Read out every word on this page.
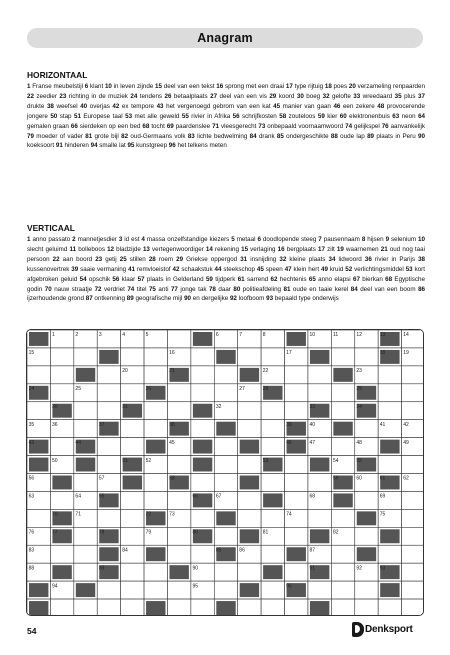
Anagram
HORIZONTAAL
1 Franse meubelstijl 6 klant 10 in leven zijnde 15 deel van een tekst 16 sprong met een draai 17 type rijtuig 18 poes 20 verzameling renpaarden 22 zeedier 23 richting in de muziek 24 tendens 26 betaalplaats 27 deel van een vis 29 koord 30 boeg 32 gelofte 33 wreedaard 35 plus 37 drukte 38 weefsel 40 overjas 42 ex tempore 43 het vergenoegd gebrom van een kat 45 manier van gaan 46 een zekere 48 provocerende jongere 50 stap 51 Europese taal 53 met alle geweld 55 rivier in Afrika 56 schrijfkosten 58 zouteloos 59 kier 60 elektronenbuis 63 neon 64 gemalen graan 66 sierdeken op een bed 68 tocht 69 paardenslee 71 vleesgerecht 73 onbepaald voornaamwoord 74 gelijkspel 76 aanvankelijk 79 moeder of vader 81 grote bijl 82 oud-Germaans volk 83 lichte bedwelming 84 drank 85 ondergeschikte 88 oude lap 89 plaats in Peru 90 koeksoort 91 hinderen 94 smalle lat 95 kunstgreep 96 het telkens meten
VERTICAAL
1 anno passato 2 mannetjesdier 3 id est 4 massa onzelfstandige kiezers 5 metaal 6 doodlopende steeg 7 pausennaam 8 hijsen 9 selenium 10 slecht geluimd 11 bolleboos 12 bladzijde 13 vertegenwoordiger 14 rekening 15 verlaging 16 bergplaats 17 zilt 19 waarnemen 21 oud nog taai persoon 22 aan boord 23 getij 25 stillen 28 roem 29 Griekse oppergod 31 insnijding 32 kleine plaats 34 lidwoord 36 rivier in Parijs 38 kussenovertrek 39 saaie vermaning 41 remvloeistof 42 schaakstuk 44 steekschop 45 speen 47 klein hert 49 kruid 52 verlichtingsmiddel 53 kort afgebroken geluid 54 opschik 56 klaar 57 plaats in Gelderland 59 tijdperk 61 sarrend 62 hechtenis 65 anno elapsi 67 bierkan 68 Egyptische godin 70 nauw straatje 72 verdriet 74 titel 75 anti 77 jonge tak 78 daar 80 politieafdeling 81 oude en taaie kerel 84 deel van een boom 86 ijzerhoudende grond 87 ontkenning 89 geografische mijl 90 en dergelijke 92 loofboom 93 bepaald type onderwijs
1	2	3	4	5	6	7	8	10	11	12	13	14
15	16	17	18	19
20	21	22	23
24	25	26	27	28	29
30	31	32	33	34
35	36	37	38	39	40	41	42
43	44	45	46	47	48	49
50	51	52	53	54	55
56	57	58	59	60	61	62
63	64	65	66	67	68	69
70	71	72	73	74	75
76	77	78	79	80	81	82
83	84	85	86	87
88	89	90	91	92	93
94	95	96
54	Denksport
